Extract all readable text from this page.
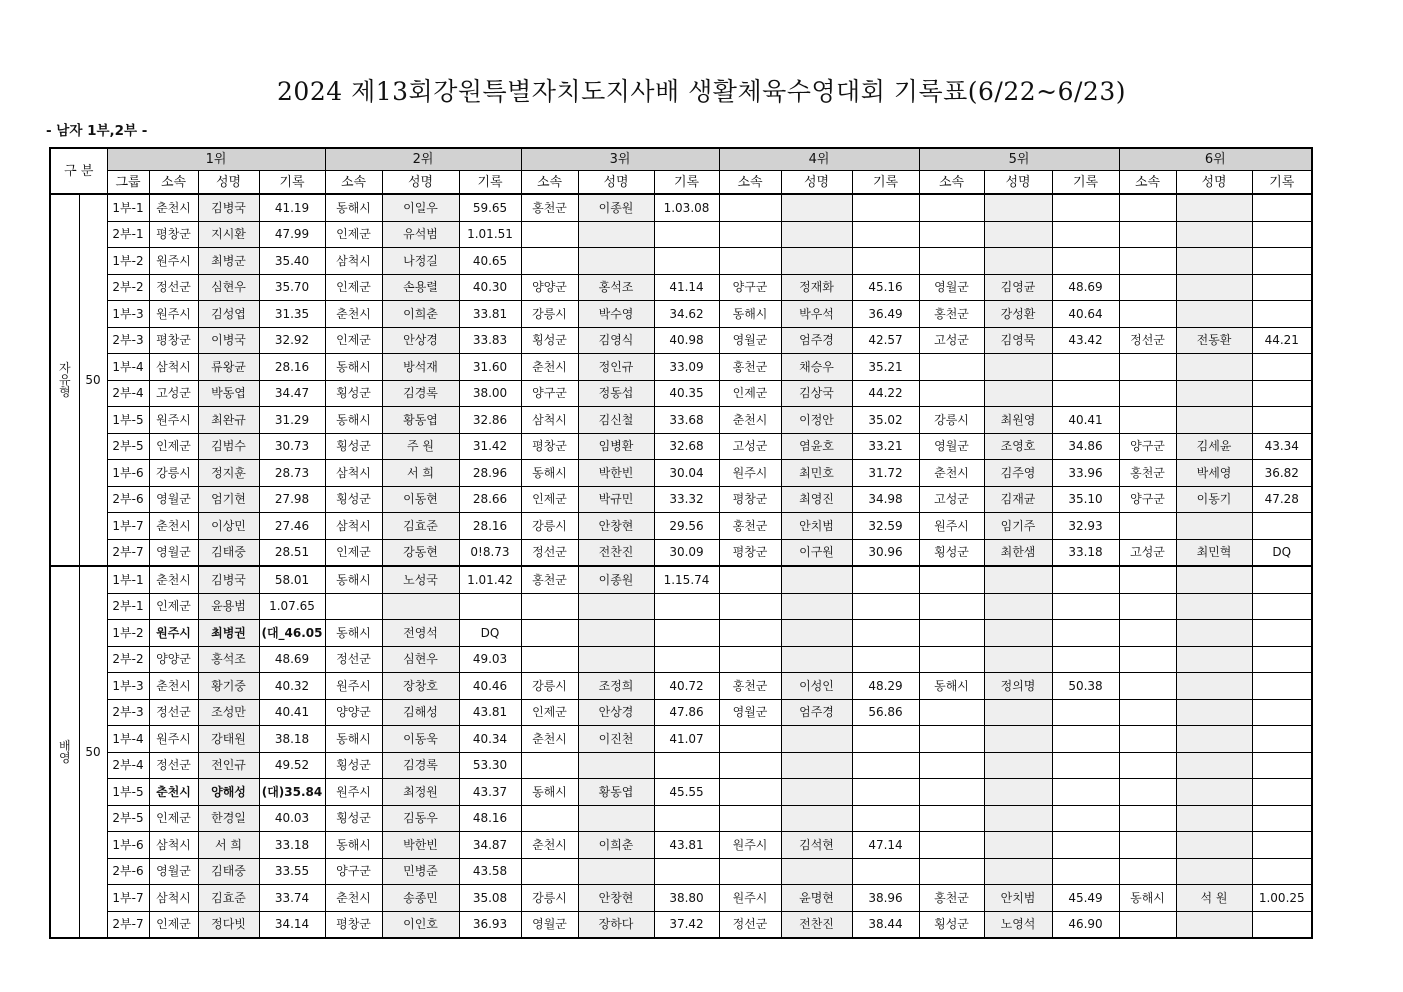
2024 제13회강원특별자치도지사배 생활체육수영대회 기록표(6/22~6/23)
- 남자 1부,2부 -
구 분		1위				2위			3위			4위			5위			6위		
		그룹	소속	성명	기록	소속	성명	기록	소속	성명	기록	소속	성명	기록	소속	성명	기록	소속	성명	기록
자
유
형	50	1부-1	춘천시	김병국	41.19	동해시	이일우	59.65	홍천군	이종원	1.03.08									
		2부-1	평창군	지시환	47.99	인제군	유석범	1.01.51												
		1부-2	원주시	최병군	35.40	삼척시	나정길	40.65												
		2부-2	정선군	심현우	35.70	인제군	손용렬	40.30	양양군	홍석조	41.14	양구군	정재화	45.16	영월군	김영균	48.69			
		1부-3	원주시	김성엽	31.35	춘천시	이희춘	33.81	강릉시	박수영	34.62	동해시	박우석	36.49	홍천군	강성환	40.64			
		2부-3	평창군	이병국	32.92	인제군	안상경	33.83	횡성군	김영식	40.98	영월군	엄주경	42.57	고성군	김영묵	43.42	정선군	전동환	44.21
		1부-4	삼척시	류왕균	28.16	동해시	방석재	31.60	춘천시	정인규	33.09	홍천군	채승우	35.21						
		2부-4	고성군	박동엽	34.47	횡성군	김경록	38.00	양구군	정동섭	40.35	인제군	김상국	44.22						
		1부-5	원주시	최완규	31.29	동해시	황동엽	32.86	삼척시	김신철	33.68	춘천시	이정안	35.02	강릉시	최원영	40.41			
		2부-5	인제군	김범수	30.73	횡성군	주 원	31.42	평창군	임병환	32.68	고성군	염윤호	33.21	영월군	조영호	34.86	양구군	김세윤	43.34
		1부-6	강릉시	정지훈	28.73	삼척시	서 희	28.96	동해시	박한빈	30.04	원주시	최민호	31.72	춘천시	김주영	33.96	홍천군	박세영	36.82
		2부-6	영월군	엄기현	27.98	횡성군	이동현	28.66	인제군	박규민	33.32	평창군	최영진	34.98	고성군	김재균	35.10	양구군	이동기	47.28
		1부-7	춘천시	이상민	27.46	삼척시	김효준	28.16	강릉시	안창현	29.56	홍천군	안치범	32.59	원주시	임기주	32.93			
		2부-7	영월군	김태중	28.51	인제군	강동현	0!8.73	정선군	전찬진	30.09	평창군	이구원	30.96	횡성군	최한샘	33.18	고성군	최민혁	DQ
배
영	50	1부-1	춘천시	김병국	58.01	동해시	노성국	1.01.42	홍천군	이종원	1.15.74									
		2부-1	인제군	윤용범	1.07.65															
		1부-2	원주시	최병권	(대_46.05	동해시	전영석	DQ												
		2부-2	양양군	홍석조	48.69	정선군	심현우	49.03												
		1부-3	춘천시	황기중	40.32	원주시	장창호	40.46	강릉시	조정희	40.72	홍천군	이성인	48.29	동해시	정의명	50.38			
		2부-3	정선군	조성만	40.41	양양군	김해성	43.81	인제군	안상경	47.86	영월군	엄주경	56.86						
		1부-4	원주시	강태원	38.18	동해시	이동욱	40.34	춘천시	이진천	41.07									
		2부-4	정선군	전인규	49.52	횡성군	김경록	53.30												
		1부-5	춘천시	양해성	(대)35.84	원주시	최정원	43.37	동해시	황동엽	45.55									
		2부-5	인제군	한경일	40.03	횡성군	김동우	48.16												
		1부-6	삼척시	서 희	33.18	동해시	박한빈	34.87	춘천시	이희춘	43.81	원주시	김석현	47.14						
		2부-6	영월군	김태중	33.55	양구군	민병준	43.58												
		1부-7	삼척시	김효준	33.74	춘천시	송종민	35.08	강릉시	안창현	38.80	원주시	윤명현	38.96	홍천군	안치범	45.49	동해시	석 원	1.00.25
		2부-7	인제군	정다빗	34.14	평창군	이인호	36.93	영월군	장하다	37.42	정선군	전찬진	38.44	횡성군	노영석	46.90			
